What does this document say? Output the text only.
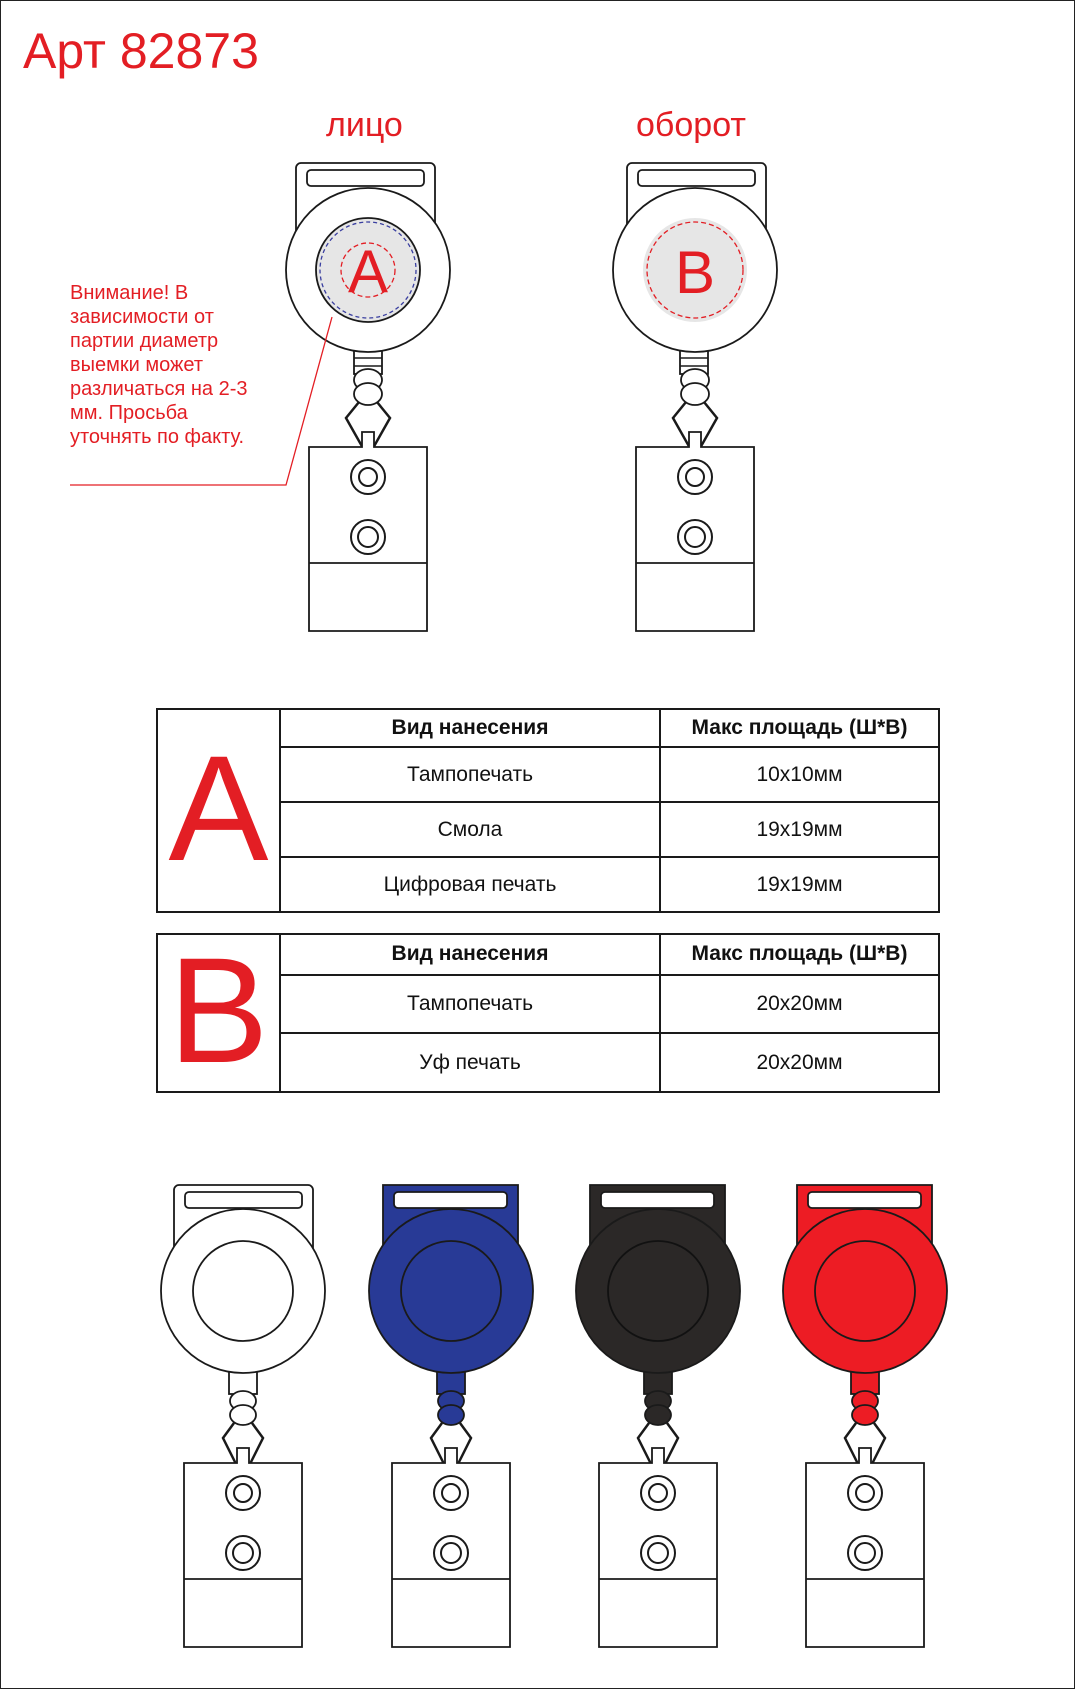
Арт 82873
лицо	оборот
Внимание! В зависимости от партии диаметр выемки может различаться на 2-3 мм. Просьба уточнять по факту.
A	B
A	Вид нанесения	Макс площадь (Ш*В)
	Тампопечать	10x10мм
	Смола	19x19мм
	Цифровая печать	19x19мм
B	Вид нанесения	Макс площадь (Ш*В)
	Тампопечать	20x20мм
	Уф печать	20x20мм
